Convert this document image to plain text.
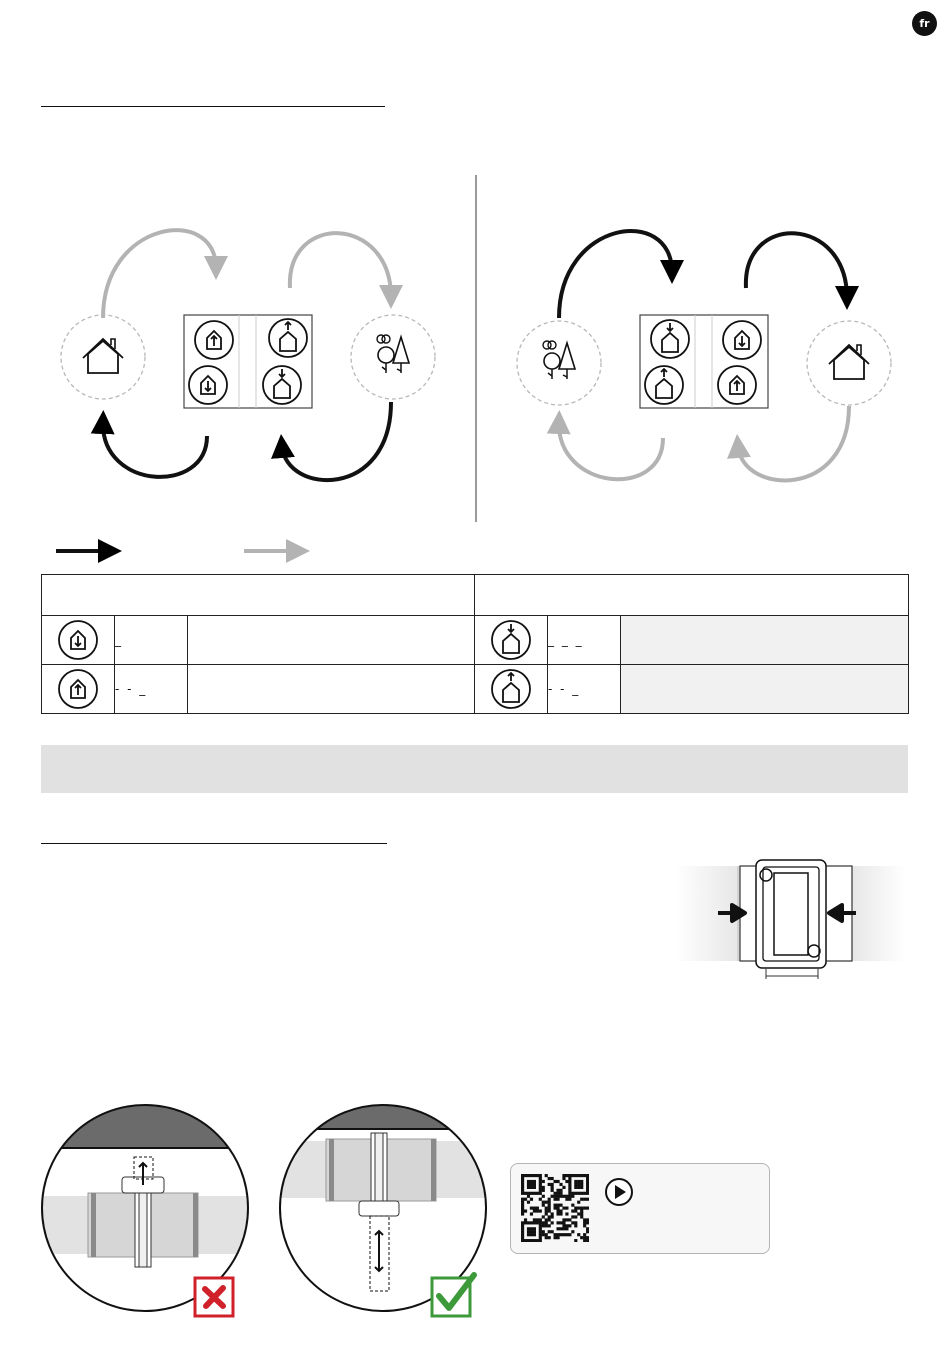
fr

	_			_ _ _	

	- - _			- - _	
